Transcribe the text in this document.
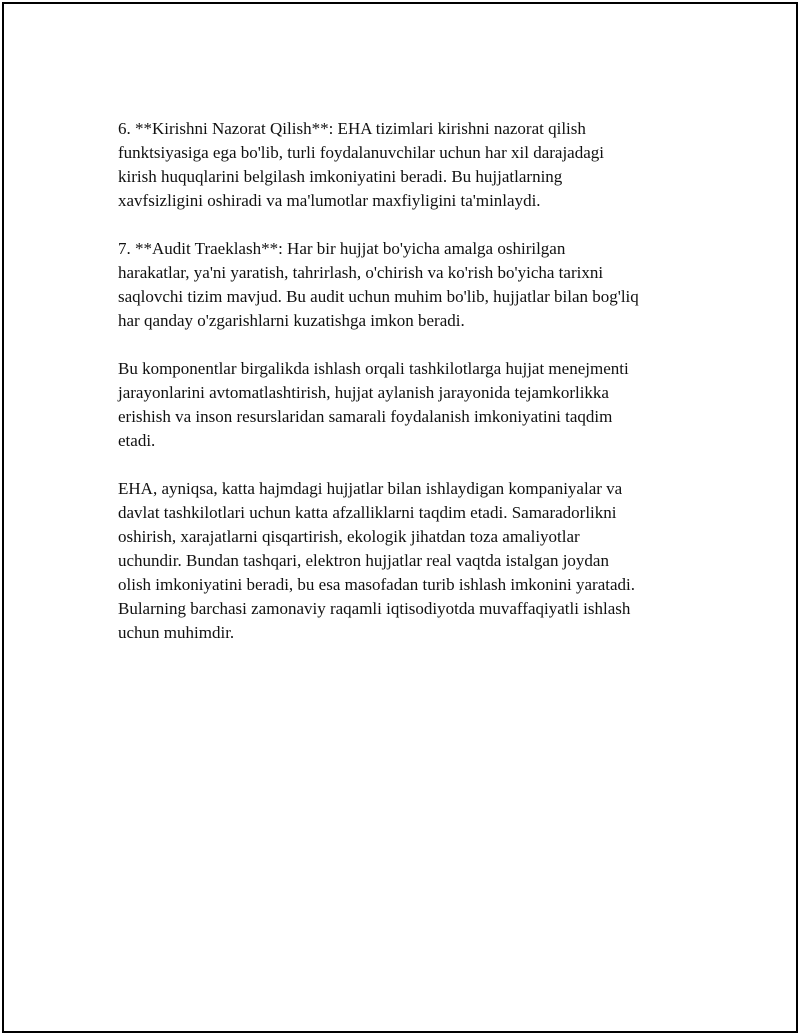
6. **Kirishni Nazorat Qilish**: EHA tizimlari kirishni nazorat qilish
funktsiyasiga ega bo'lib, turli foydalanuvchilar uchun har xil darajadagi
kirish huquqlarini belgilash imkoniyatini beradi. Bu hujjatlarning
xavfsizligini oshiradi va ma'lumotlar maxfiyligini ta'minlaydi.

7. **Audit Traeklash**: Har bir hujjat bo'yicha amalga oshirilgan
harakatlar, ya'ni yaratish, tahrirlash, o'chirish va ko'rish bo'yicha tarixni
saqlovchi tizim mavjud. Bu audit uchun muhim bo'lib, hujjatlar bilan bog'liq
har qanday o'zgarishlarni kuzatishga imkon beradi.

Bu komponentlar birgalikda ishlash orqali tashkilotlarga hujjat menejmenti
jarayonlarini avtomatlashtirish, hujjat aylanish jarayonida tejamkorlikka
erishish va inson resurslaridan samarali foydalanish imkoniyatini taqdim
etadi.

EHA, ayniqsa, katta hajmdagi hujjatlar bilan ishlaydigan kompaniyalar va
davlat tashkilotlari uchun katta afzalliklarni taqdim etadi. Samaradorlikni
oshirish, xarajatlarni qisqartirish, ekologik jihatdan toza amaliyotlar
uchundir. Bundan tashqari, elektron hujjatlar real vaqtda istalgan joydan
olish imkoniyatini beradi, bu esa masofadan turib ishlash imkonini yaratadi.
Bularning barchasi zamonaviy raqamli iqtisodiyotda muvaffaqiyatli ishlash
uchun muhimdir.
